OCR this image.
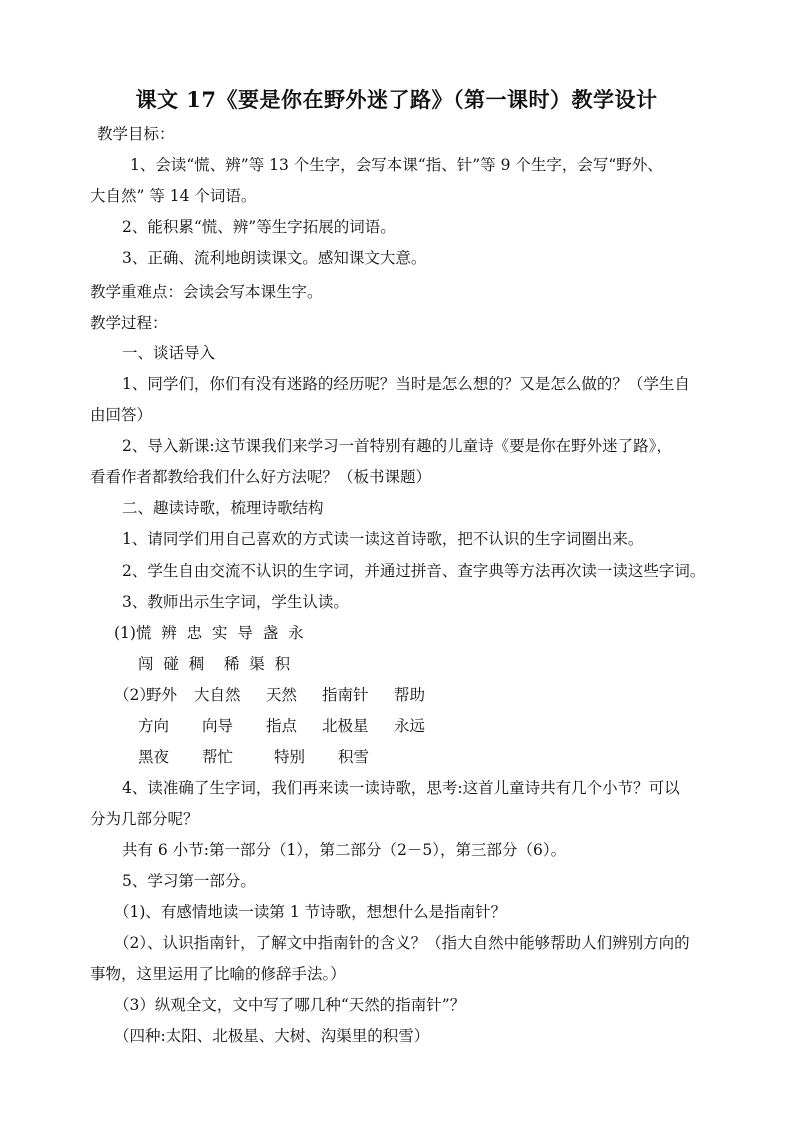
课文 17《要是你在野外迷了路》（第一课时）教学设计
教学目标：
1、会读“慌、辨”等 13 个生字，会写本课“指、针”等 9 个生字，会写“野外、
大自然” 等 14 个词语。
2、能积累“慌、辨”等生字拓展的词语。
3、正确、流利地朗读课文。感知课文大意。
教学重难点：会读会写本课生字。
教学过程：
一、谈话导入
1、同学们，你们有没有迷路的经历呢？当时是怎么想的？又是怎么做的？（学生自
由回答）
2、导入新课:这节课我们来学习一首特别有趣的儿童诗《要是你在野外迷了路》，
看看作者都教给我们什么好方法呢？（板书课题）
二、趣读诗歌，梳理诗歌结构
1、请同学们用自己喜欢的方式读一读这首诗歌，把不认识的生字词圈出来。
2、学生自由交流不认识的生字词，并通过拼音、查字典等方法再次读一读这些字词。
3、教师出示生字词，学生认读。
(1)慌  辨  忠  实  导  盏  永
闯  碰  稠    稀  渠  积
（2）
野外 大自然 天然 指南针 帮助
方向 向导 指点 北极星 永远
黑夜 帮忙	特别 积雪
4、读准确了生字词，我们再来读一读诗歌，思考:这首儿童诗共有几个小节？可以
分为几部分呢？
共有 6 小节:第一部分（1），第二部分（2－5），第三部分（6）。
5、学习第一部分。
（1)、有感情地读一读第 1 节诗歌，想想什么是指南针？
（2）、认识指南针，了解文中指南针的含义？（指大自然中能够帮助人们辨别方向的
事物，这里运用了比喻的修辞手法。）
（3）纵观全文，文中写了哪几种“天然的指南针”？
（四种:太阳、北极星、大树、沟渠里的积雪）
